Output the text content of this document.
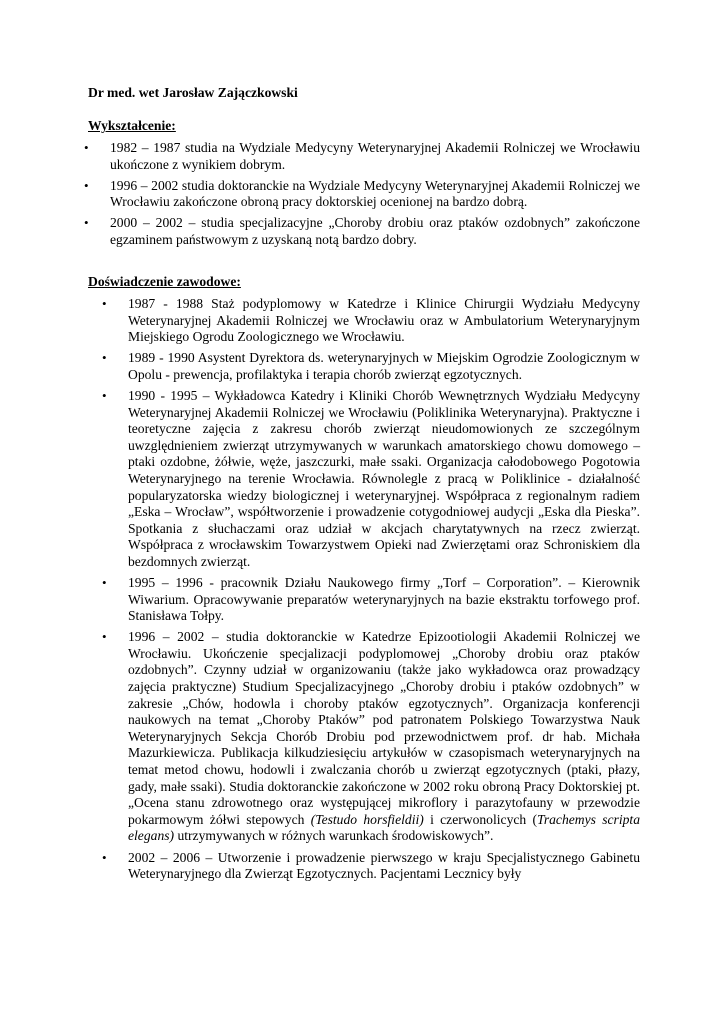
Dr med. wet Jarosław Zajączkowski

Wykształcenie:

• 1982 – 1987 studia na Wydziale Medycyny Weterynaryjnej Akademii Rolniczej we Wrocławiu ukończone z wynikiem dobrym.
• 1996 – 2002 studia doktoranckie na Wydziale Medycyny Weterynaryjnej Akademii Rolniczej we Wrocławiu zakończone obroną pracy doktorskiej ocenionej na bardzo dobrą.
• 2000 – 2002 – studia specjalizacyjne „Choroby drobiu oraz ptaków ozdobnych” zakończone egzaminem państwowym z uzyskaną notą bardzo dobry.

Doświadczenie zawodowe:

• 1987 - 1988 Staż podyplomowy w Katedrze i Klinice Chirurgii Wydziału Medycyny Weterynaryjnej Akademii Rolniczej we Wrocławiu oraz w Ambulatorium Weterynaryjnym Miejskiego Ogrodu Zoologicznego we Wrocławiu.
• 1989 - 1990 Asystent Dyrektora ds. weterynaryjnych w Miejskim Ogrodzie Zoologicznym w Opolu - prewencja, profilaktyka i terapia chorób zwierząt egzotycznych.
• 1990 - 1995 – Wykładowca Katedry i Kliniki Chorób Wewnętrznych Wydziału Medycyny Weterynaryjnej Akademii Rolniczej we Wrocławiu (Poliklinika Weterynaryjna). Praktyczne i teoretyczne zajęcia z zakresu chorób zwierząt nieudomowionych ze szczególnym uwzględnieniem zwierząt utrzymywanych w warunkach amatorskiego chowu domowego – ptaki ozdobne, żółwie, węże, jaszczurki, małe ssaki. Organizacja całodobowego Pogotowia Weterynaryjnego na terenie Wrocławia. Równolegle z pracą w Poliklinice - działalność popularyzatorska wiedzy biologicznej i weterynaryjnej. Współpraca z regionalnym radiem „Eska – Wrocław”, współtworzenie i prowadzenie cotygodniowej audycji „Eska dla Pieska”. Spotkania z słuchaczami oraz udział w akcjach charytatywnych na rzecz zwierząt. Współpraca z wrocławskim Towarzystwem Opieki nad Zwierzętami oraz Schroniskiem dla bezdomnych zwierząt.
• 1995 – 1996 - pracownik Działu Naukowego firmy „Torf – Corporation”. – Kierownik Wiwarium. Opracowywanie preparatów weterynaryjnych na bazie ekstraktu torfowego prof. Stanisława Tołpy.
• 1996 – 2002 – studia doktoranckie w Katedrze Epizootiologii Akademii Rolniczej we Wrocławiu. Ukończenie specjalizacji podyplomowej „Choroby drobiu oraz ptaków ozdobnych”. Czynny udział w organizowaniu (także jako wykładowca oraz prowadzący zajęcia praktyczne) Studium Specjalizacyjnego „Choroby drobiu i ptaków ozdobnych” w zakresie „Chów, hodowla i choroby ptaków egzotycznych”. Organizacja konferencji naukowych na temat „Choroby Ptaków” pod patronatem Polskiego Towarzystwa Nauk Weterynaryjnych Sekcja Chorób Drobiu pod przewodnictwem prof. dr hab. Michała Mazurkiewicza. Publikacja kilkudziesięciu artykułów w czasopismach weterynaryjnych na temat metod chowu, hodowli i zwalczania chorób u zwierząt egzotycznych (ptaki, płazy, gady, małe ssaki). Studia doktoranckie zakończone w 2002 roku obroną Pracy Doktorskiej pt. „Ocena stanu zdrowotnego oraz występującej mikroflory i parazytofauny w przewodzie pokarmowym żółwi stepowych (Testudo horsfieldii) i czerwonolicych (Trachemys scripta elegans) utrzymywanych w różnych warunkach środowiskowych”.
• 2002 – 2006 – Utworzenie i prowadzenie pierwszego w kraju Specjalistycznego Gabinetu Weterynaryjnego dla Zwierząt Egzotycznych. Pacjentami Lecznicy były
